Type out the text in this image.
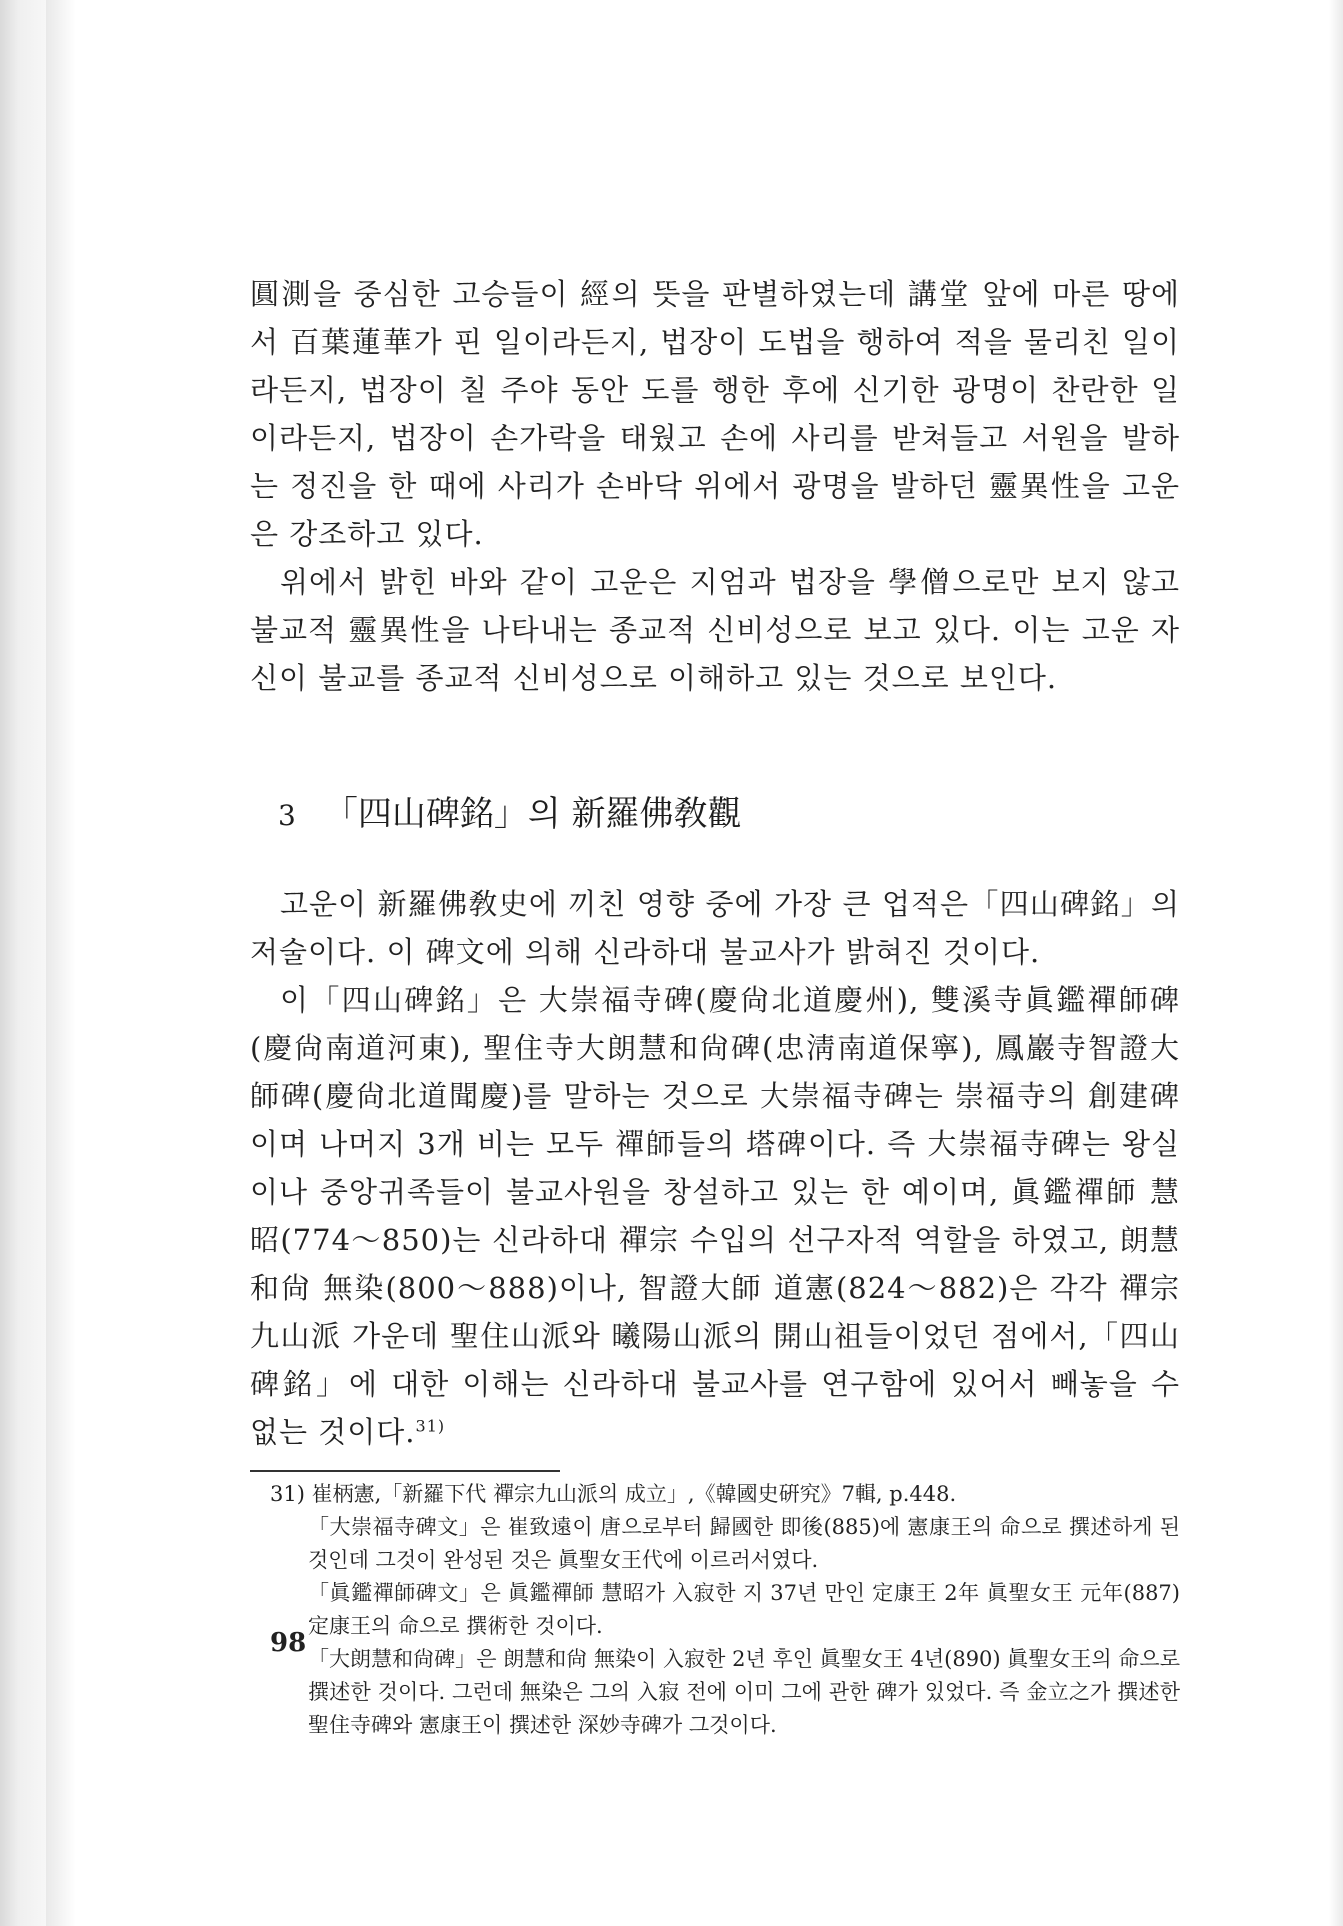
圓測을 중심한 고승들이 經의 뜻을 판별하였는데 講堂 앞에 마른 땅에서 百葉蓮華가 핀 일이라든지, 법장이 도법을 행하여 적을 물리친 일이라든지, 법장이 칠 주야 동안 도를 행한 후에 신기한 광명이 찬란한 일이라든지, 법장이 손가락을 태웠고 손에 사리를 받쳐들고 서원을 발하는 정진을 한 때에 사리가 손바닥 위에서 광명을 발하던 靈異性을 고운은 강조하고 있다.

위에서 밝힌 바와 같이 고운은 지엄과 법장을 學僧으로만 보지 않고 불교적 靈異性을 나타내는 종교적 신비성으로 보고 있다. 이는 고운 자신이 불교를 종교적 신비성으로 이해하고 있는 것으로 보인다.

3 「四山碑銘」의 新羅佛敎觀

고운이 新羅佛敎史에 끼친 영향 중에 가장 큰 업적은「四山碑銘」의 저술이다. 이 碑文에 의해 신라하대 불교사가 밝혀진 것이다.

이「四山碑銘」은 大崇福寺碑(慶尙北道慶州), 雙溪寺眞鑑禪師碑(慶尙南道河東), 聖住寺大朗慧和尙碑(忠淸南道保寧), 鳳巖寺智證大師碑(慶尙北道聞慶)를 말하는 것으로 大崇福寺碑는 崇福寺의 創建碑이며 나머지 3개 비는 모두 禪師들의 塔碑이다. 즉 大崇福寺碑는 왕실이나 중앙귀족들이 불교사원을 창설하고 있는 한 예이며, 眞鑑禪師 慧昭(774～850)는 신라하대 禪宗 수입의 선구자적 역할을 하였고, 朗慧和尙 無染(800～888)이나, 智證大師 道憲(824～882)은 각각 禪宗 九山派 가운데 聖住山派와 曦陽山派의 開山祖들이었던 점에서,「四山碑銘」에 대한 이해는 신라하대 불교사를 연구함에 있어서 빼놓을 수 없는 것이다.$^{31)}$

31) 崔柄憲,「新羅下代 禪宗九山派의 成立」,《韓國史硏究》7輯, p.448.

「大崇福寺碑文」은 崔致遠이 唐으로부터 歸國한 即後(885)에 憲康王의 命으로 撰述하게 된 것인데 그것이 완성된 것은 眞聖女王代에 이르러서였다.

「眞鑑禪師碑文」은 眞鑑禪師 慧昭가 入寂한 지 37년 만인 定康王 2年 眞聖女王 元年(887) 定康王의 命으로 撰術한 것이다.

「大朗慧和尙碑」은 朗慧和尙 無染이 入寂한 2년 후인 眞聖女王 4년(890) 眞聖女王의 命으로 撰述한 것이다. 그런데 無染은 그의 入寂 전에 이미 그에 관한 碑가 있었다. 즉 金立之가 撰述한 聖住寺碑와 憲康王이 撰述한 深妙寺碑가 그것이다.

98
